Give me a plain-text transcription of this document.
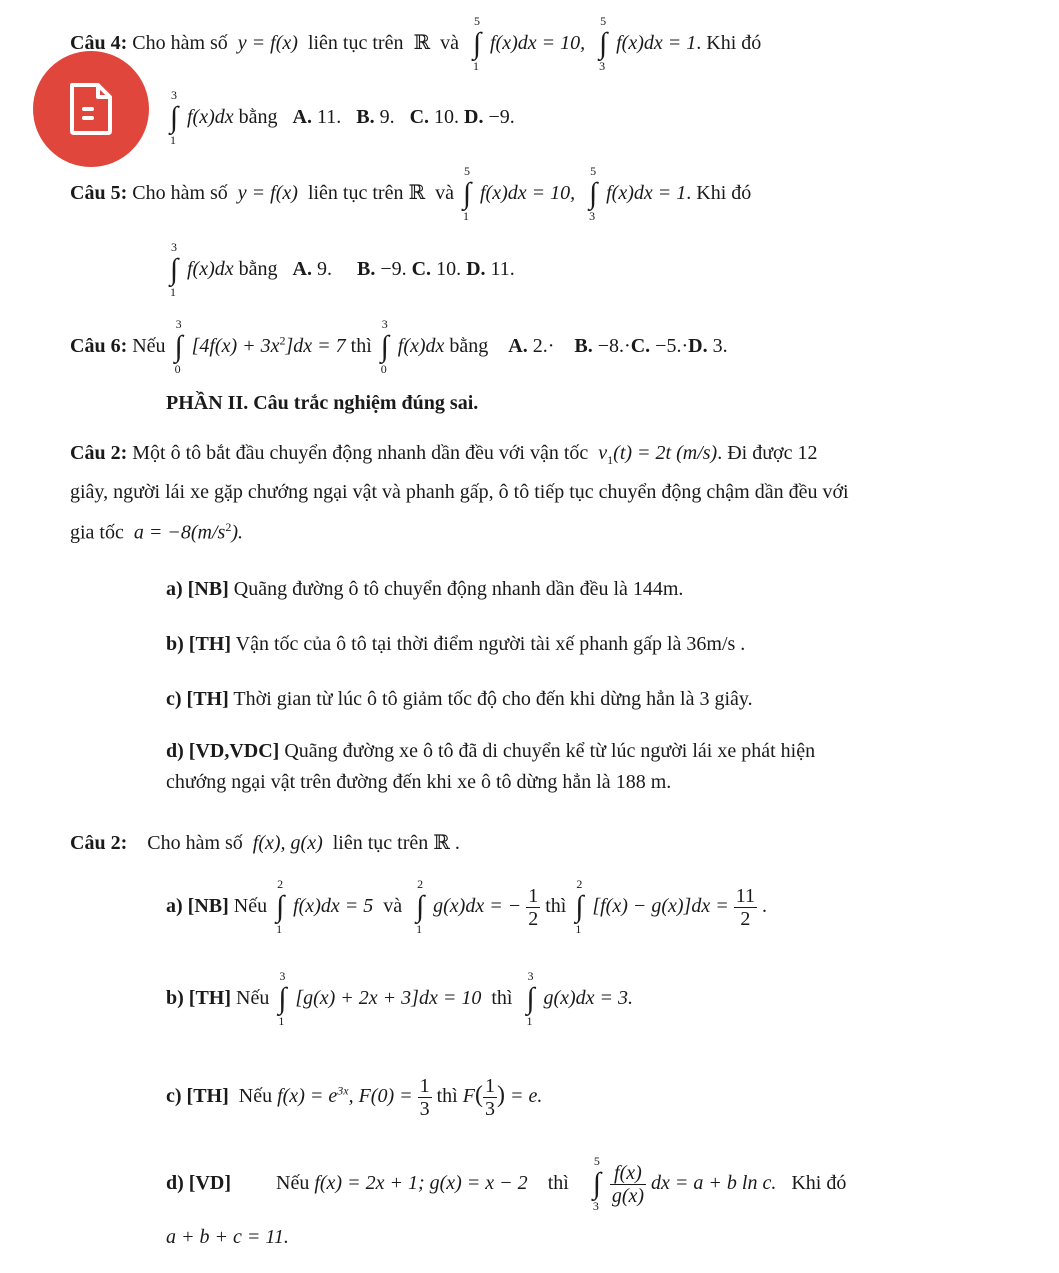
Câu 4: Cho hàm số y = f(x) liên tục trên ℝ và
5
∫
1
f(x)dx = 10,
5
∫
3
f(x)dx = 1. Khi đó
3
∫
1
f(x)dx bằng A. 11. B. 9. C. 10. D. −9.
Câu 5: Cho hàm số y = f(x) liên tục trên ℝ và
5
∫
1
f(x)dx = 10,
5
∫
3
f(x)dx = 1. Khi đó
3
∫
1
f(x)dx bằng A. 9. B. −9. C. 10. D. 11.
Câu 6: Nếu
3
∫
0
$[4f(x) + 3x^2]dx = 7$ thì
3
∫
0
f(x)dx bằng A. 2.· B. −8.·C. −5.·D. 3.
PHẦN II. Câu trắc nghiệm đúng sai.
Câu 2: Một ô tô bắt đầu chuyển động nhanh dần đều với vận tốc $v_1(t) = 2t$ (m/s). Đi được 12
giây, người lái xe gặp chướng ngại vật và phanh gấp, ô tô tiếp tục chuyển động chậm dần đều với
gia tốc $a = -8(m/s^2)$.
a) [NB] Quãng đường ô tô chuyển động nhanh dần đều là 144m.
b) [TH] Vận tốc của ô tô tại thời điểm người tài xế phanh gấp là 36m/s .
c) [TH] Thời gian từ lúc ô tô giảm tốc độ cho đến khi dừng hẳn là 3 giây.
d) [VD,VDC] Quãng đường xe ô tô đã di chuyển kể từ lúc người lái xe phát hiện
chướng ngại vật trên đường đến khi xe ô tô dừng hẳn là 188 m.
Câu 2: Cho hàm số f(x), g(x) liên tục trên ℝ .
a) [NB] Nếu
2
∫
1
f(x)dx = 5 và
2
∫
1
g(x)dx = − $\frac{1}{2}$ thì
2
∫
1
$[f(x) - g(x)]dx = \frac{11}{2}$ .
b) [TH] Nếu
3
∫
1
[g(x) + 2x + 3]dx = 10 thì
3
∫
1
g(x)dx = 3.
c) [TH] Nếu $f(x) = e^{3x}$, $F(0) = \frac{1}{3}$ thì $F( \frac{1}{3}$ ) = e.
d) [VD] Nếu f(x) = 2x + 1; g(x) = x − 2 thì
5
∫
3
$\frac{f(x)}{g(x)}$ dx = a + b ln c. Khi đó
a + b + c = 11.
